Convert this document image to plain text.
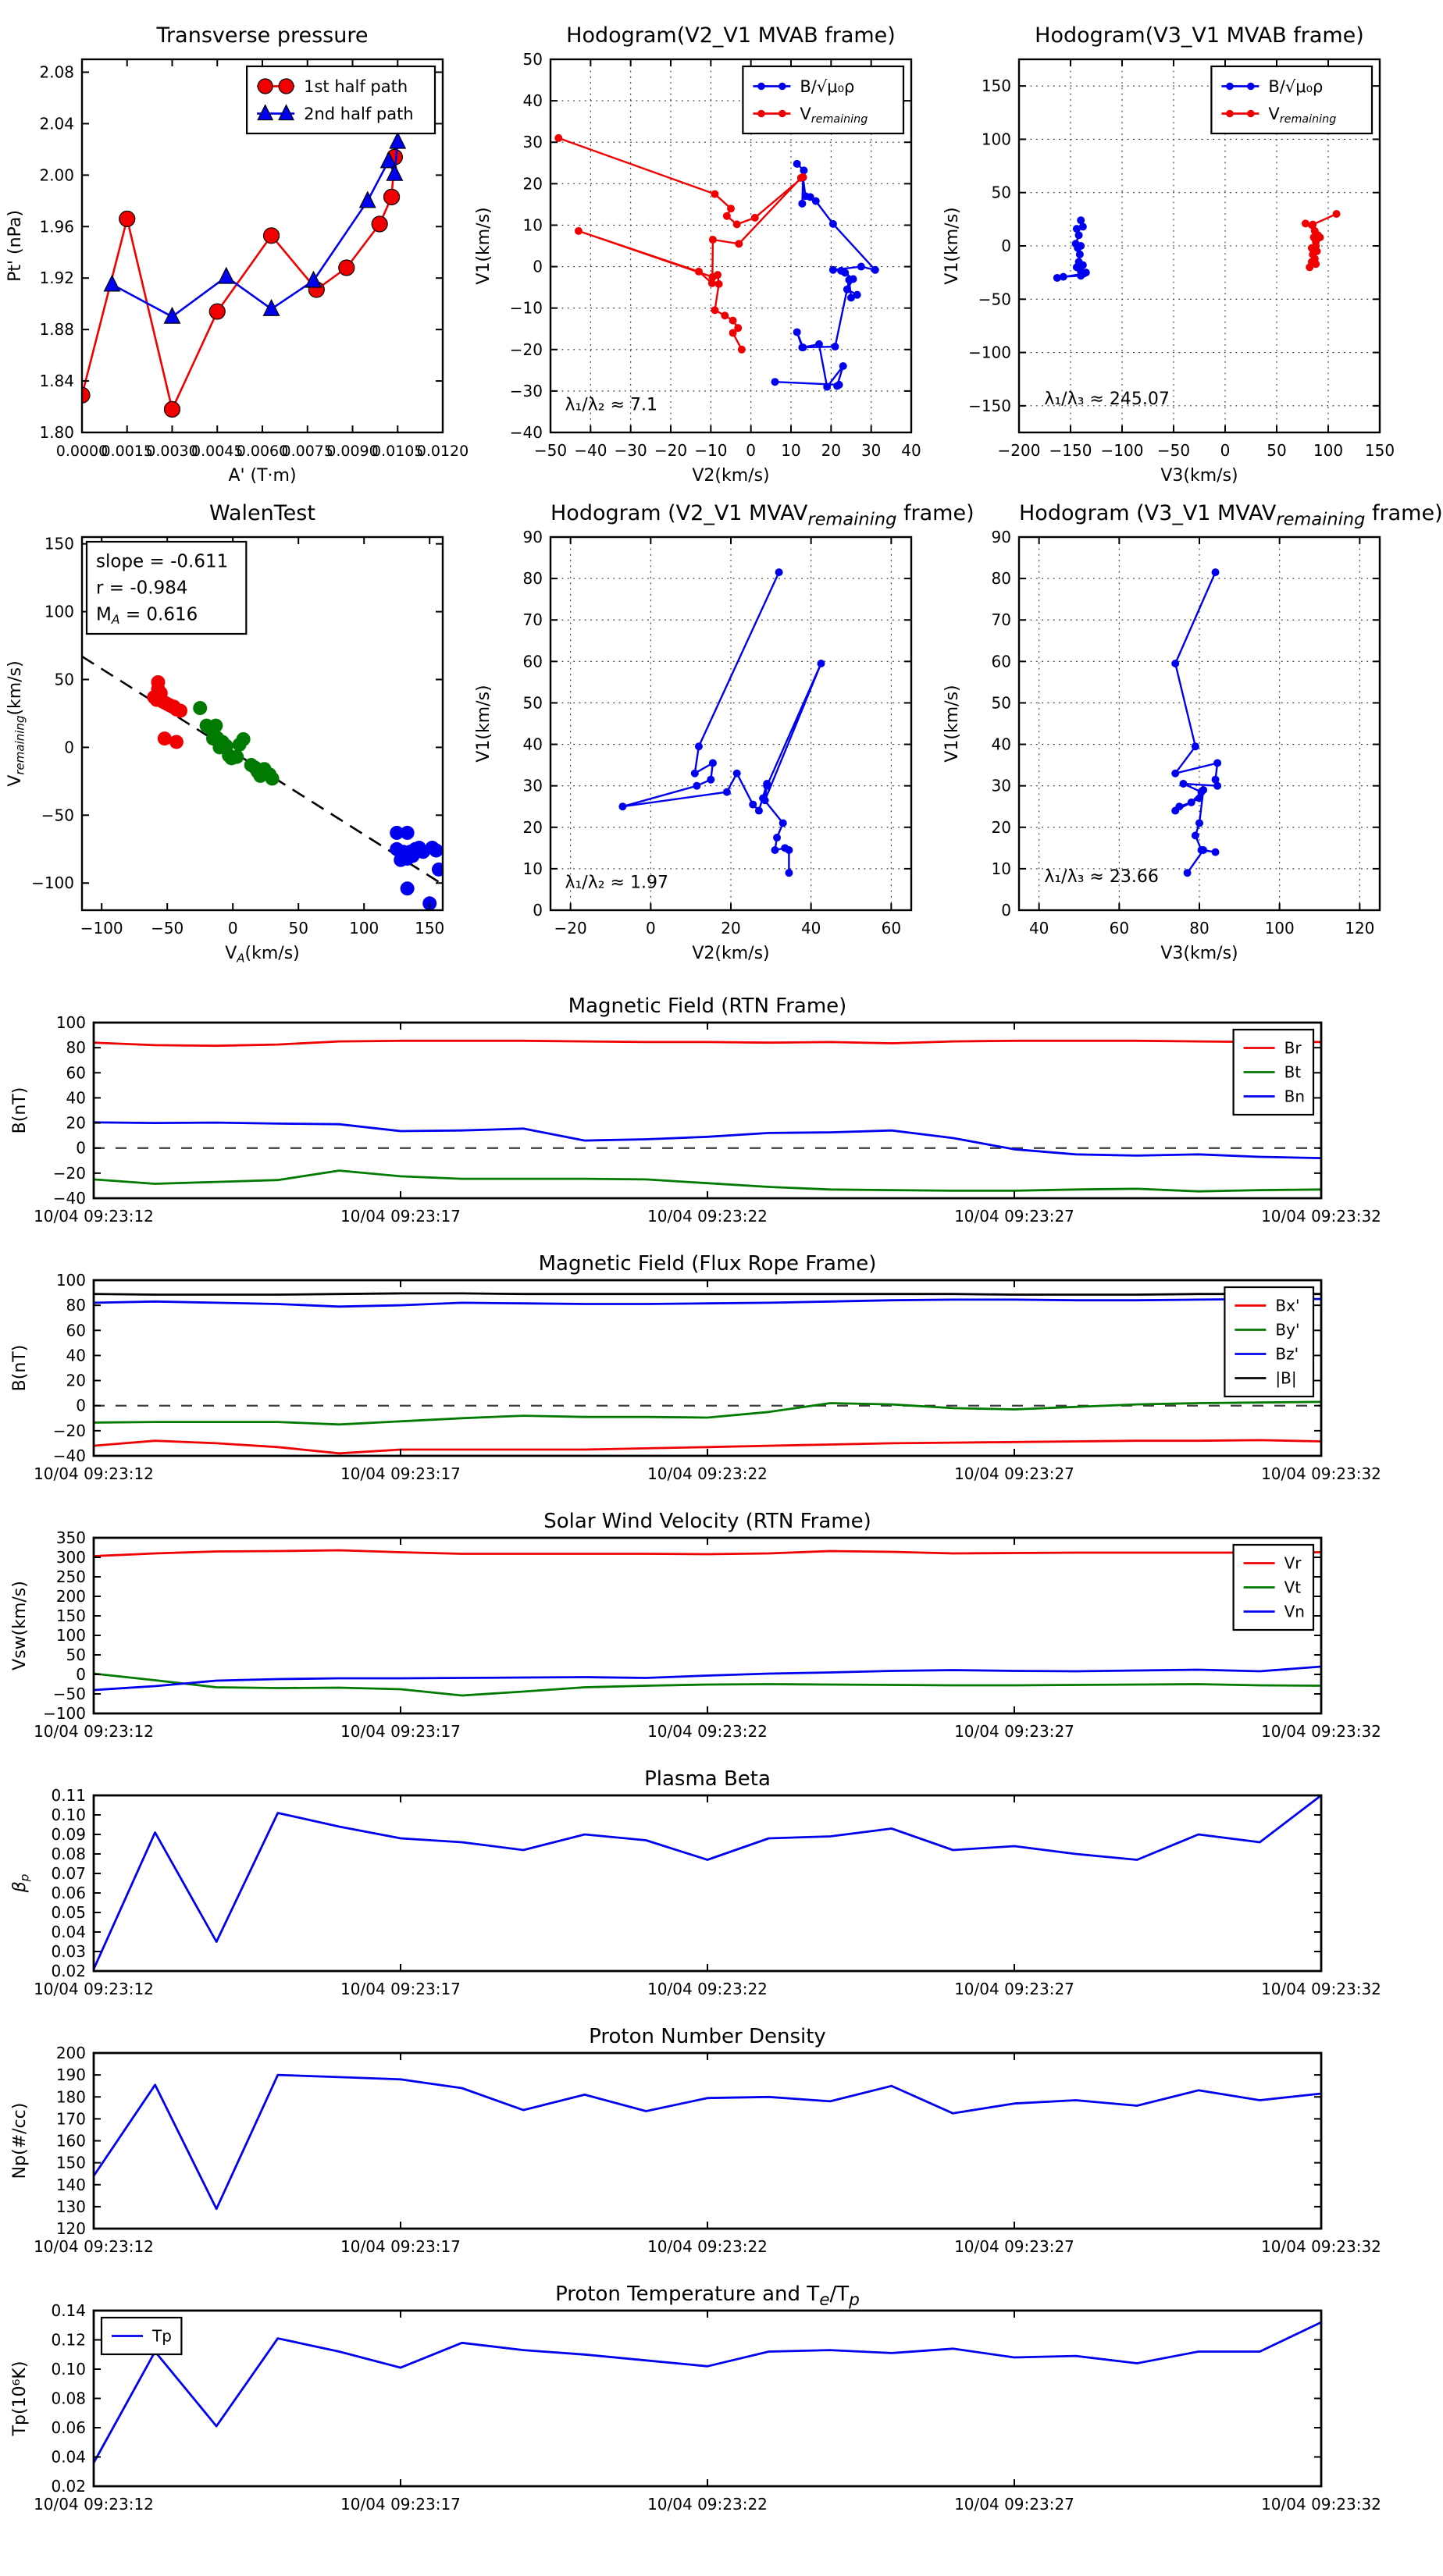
Transverse pressure
0.0000
0.0015
0.0030
0.0045
0.0060
0.0075
0.0090
0.0105
0.0120
1.80
1.84
1.88
1.92
1.96
2.00
2.04
2.08
A' (T·m)
Pt' (nPa)
1st half path
2nd half path
Hodogram(V2_V1 MVAB frame)
−50 −40 −30 −20 −10 0 10 20 30 40
−40
−30
−20
−10
0
10
20
30
40
50
V2(km/s)
V1(km/s)
λ₁/λ₂ ≈ 7.1
B/√μ₀ρ
$V_{remaining}$
Hodogram(V3_V1 MVAB frame)
−200 −150 −100 −50 0 50 100 150
−150
−100
−50
0
50
100
150
V3(km/s)
V1(km/s)
λ₁/λ₃ ≈ 245.07
B/√μ₀ρ
$V_{remaining}$
WalenTest
−100 −50	0	50	100 150
−100
−50
0
50
100
150
$V_A(km/s)$
$V_{remaining}(km/s)$
slope = -0.611
r = -0.984
MA = 0.616
Hodogram (V2_V1 $MVAV_{remaining}$ frame)
−20	0	20	40	60
0
10
20
30
40
50
60
70
80
90
V2(km/s)
V1(km/s)
λ₁/λ₂ ≈ 1.97
Hodogram (V3_V1 $MVAV_{remaining}$ frame)
40	60	80	100	120
0
10
20
30
40
50
60
70
80
90
V3(km/s)
V1(km/s)
λ₁/λ₃ ≈ 23.66
Magnetic Field (RTN Frame)
10/04 09:23:12	10/04 09:23:17	10/04 09:23:22	10/04 09:23:27	10/04 09:23:32
−40
−20
0
20
40
60
80
100
B(nT)
Br
Bt
Bn
Magnetic Field (Flux Rope Frame)
10/04 09:23:12	10/04 09:23:17	10/04 09:23:22	10/04 09:23:27	10/04 09:23:32
−40
−20
0
20
40
60
80
100
B(nT)
Bx'
By'
Bz'
|B|
Solar Wind Velocity (RTN Frame)
10/04 09:23:12	10/04 09:23:17	10/04 09:23:22	10/04 09:23:27	10/04 09:23:32
−100
−50
0
50
100
150
200
250
300
350
Vsw(km/s)
Vr
Vt
Vn
Plasma Beta
10/04 09:23:12	10/04 09:23:17	10/04 09:23:22	10/04 09:23:27	10/04 09:23:32
0.02
0.03
0.04
0.05
0.06
0.07
0.08
0.09
0.10
0.11
$\beta_p$
Proton Number Density
10/04 09:23:12	10/04 09:23:17	10/04 09:23:22	10/04 09:23:27	10/04 09:23:32
120
130
140
150
160
170
180
190
200
Np(#/cc)
Proton Temperature and $T_e/T_p$
10/04 09:23:12	10/04 09:23:17	10/04 09:23:22	10/04 09:23:27	10/04 09:23:32
0.02
0.04
0.06
0.08
0.10
0.12
0.14
Tp(10⁶K)
Tp
